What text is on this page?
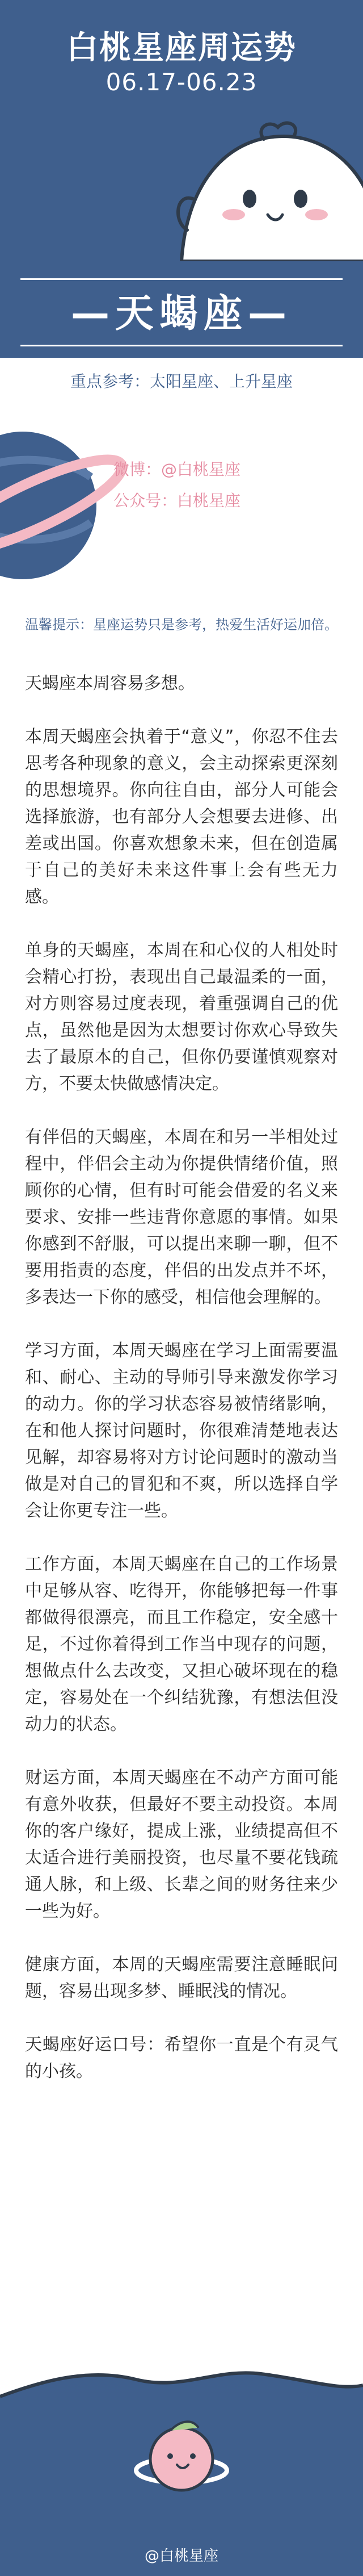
白桃星座周运势
06.17-06.23
—天蝎座—
重点参考：太阳星座、上升星座
微博：@白桃星座
公众号：白桃星座
温馨提示：星座运势只是参考，热爱生活好运加倍。

天蝎座本周容易多想。

本周天蝎座会执着于“意义”，你忍不住去思考各种现象的意义，会主动探索更深刻的思想境界。你向往自由，部分人可能会选择旅游，也有部分人会想要去进修、出差或出国。你喜欢想象未来，但在创造属于自己的美好未来这件事上会有些无力感。

单身的天蝎座，本周在和心仪的人相处时会精心打扮，表现出自己最温柔的一面，对方则容易过度表现，着重强调自己的优点，虽然他是因为太想要讨你欢心导致失去了最原本的自己，但你仍要谨慎观察对方，不要太快做感情决定。

有伴侣的天蝎座，本周在和另一半相处过程中，伴侣会主动为你提供情绪价值，照顾你的心情，但有时可能会借爱的名义来要求、安排一些违背你意愿的事情。如果你感到不舒服，可以提出来聊一聊，但不要用指责的态度，伴侣的出发点并不坏，多表达一下你的感受，相信他会理解的。

学习方面，本周天蝎座在学习上面需要温和、耐心、主动的导师引导来激发你学习的动力。你的学习状态容易被情绪影响，在和他人探讨问题时，你很难清楚地表达见解，却容易将对方讨论问题时的激动当做是对自己的冒犯和不爽，所以选择自学会让你更专注一些。

工作方面，本周天蝎座在自己的工作场景中足够从容、吃得开，你能够把每一件事都做得很漂亮，而且工作稳定，安全感十足，不过你着得到工作当中现存的问题，想做点什么去改变，又担心破坏现在的稳定，容易处在一个纠结犹豫，有想法但没动力的状态。

财运方面，本周天蝎座在不动产方面可能有意外收获，但最好不要主动投资。本周你的客户缘好，提成上涨，业绩提高但不太适合进行美丽投资，也尽量不要花钱疏通人脉，和上级、长辈之间的财务往来少一些为好。

健康方面，本周的天蝎座需要注意睡眠问题，容易出现多梦、睡眠浅的情况。

天蝎座好运口号：希望你一直是个有灵气的小孩。

@白桃星座
